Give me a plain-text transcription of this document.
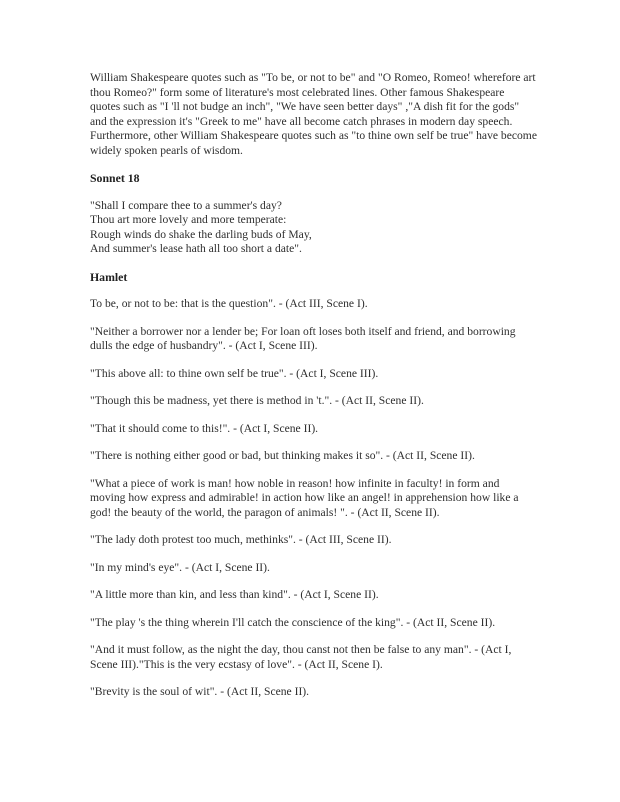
William Shakespeare quotes such as "To be, or not to be" and "O Romeo, Romeo! wherefore art thou Romeo?" form some of literature's most celebrated lines. Other famous Shakespeare quotes such as "I 'll not budge an inch", "We have seen better days" ,"A dish fit for the gods" and the expression it's "Greek to me" have all become catch phrases in modern day speech. Furthermore, other William Shakespeare quotes such as "to thine own self be true" have become widely spoken pearls of wisdom.

Sonnet 18
"Shall I compare thee to a summer's day?
Thou art more lovely and more temperate:
Rough winds do shake the darling buds of May,
And summer's lease hath all too short a date".
Hamlet

To be, or not to be: that is the question". - (Act III, Scene I).

"Neither a borrower nor a lender be; For loan oft loses both itself and friend, and borrowing dulls the edge of husbandry". - (Act I, Scene III).

"This above all: to thine own self be true". - (Act I, Scene III).

"Though this be madness, yet there is method in 't.". - (Act II, Scene II).

"That it should come to this!". - (Act I, Scene II).

"There is nothing either good or bad, but thinking makes it so". - (Act II, Scene II).

"What a piece of work is man! how noble in reason! how infinite in faculty! in form and moving how express and admirable! in action how like an angel! in apprehension how like a god! the beauty of the world, the paragon of animals! ". - (Act II, Scene II).

"The lady doth protest too much, methinks". - (Act III, Scene II).

"In my mind's eye". - (Act I, Scene II).

"A little more than kin, and less than kind". - (Act I, Scene II).

"The play 's the thing wherein I'll catch the conscience of the king". - (Act II, Scene II).

"And it must follow, as the night the day, thou canst not then be false to any man". - (Act I, Scene III)."This is the very ecstasy of love". - (Act II, Scene I).

"Brevity is the soul of wit". - (Act II, Scene II).
